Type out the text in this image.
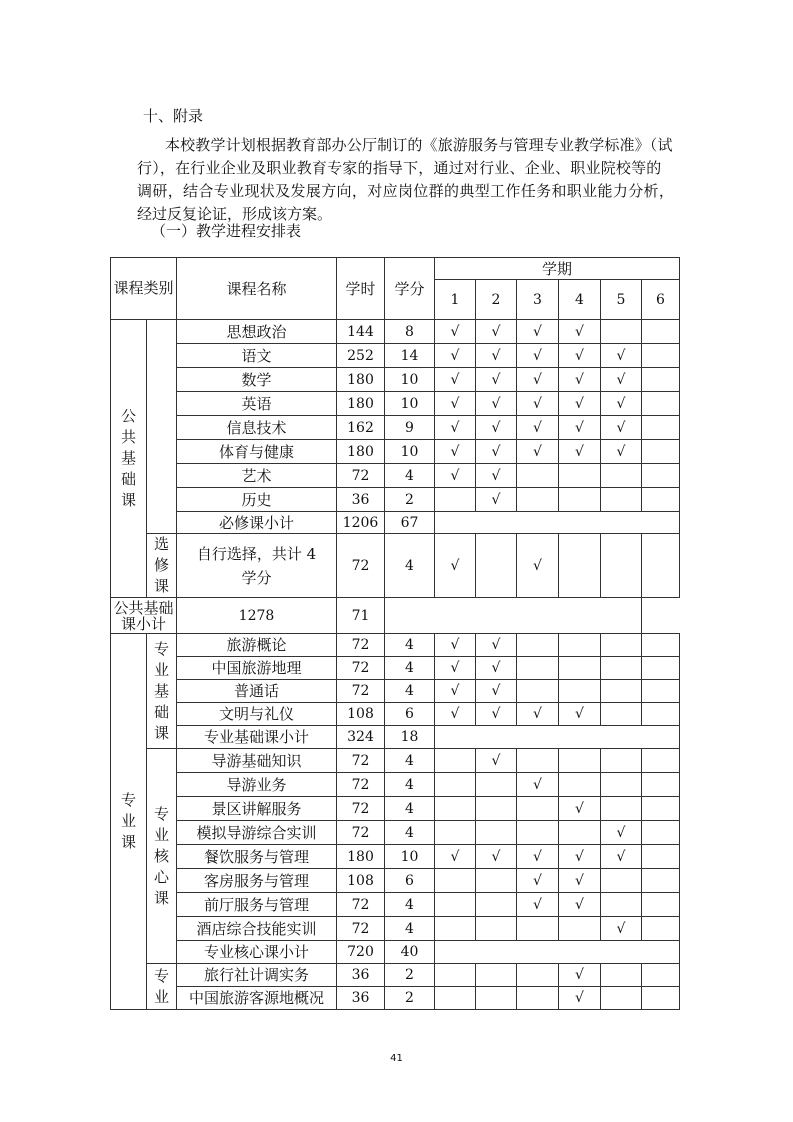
十、附录

本校教学计划根据教育部办公厅制订的《旅游服务与管理专业教学标准》（试

行），在行业企业及职业教育专家的指导下，通过对行业、企业、职业院校等的

调研，结合专业现状及发展方向，对应岗位群的典型工作任务和职业能力分析，

经过反复论证，形成该方案。

（一）教学进程安排表

课程类别		课程名称	学时	学分	学期					
					1	2	3	4	5	6
公
共
基
础
课		思想政治	144	8	√	√	√	√		
		语文	252	14	√	√	√	√	√	
		数学	180	10	√	√	√	√	√	
		英语	180	10	√	√	√	√	√	
		信息技术	162	9	√	√	√	√	√	
		体育与健康	180	10	√	√	√	√	√	
		艺术	72	4	√	√				
		历史	36	2		√				
		必修课小计	1206	67						
	选
修
课	自行选择，共计 4 学分	72	4	√		√			
公共基础课小计		1278	71							
专
业
课	专
业
基
础
课	旅游概论	72	4	√	√				
		中国旅游地理	72	4	√	√				
		普通话	72	4	√	√				
		文明与礼仪	108	6	√	√	√	√		
		专业基础课小计	324	18						
	专
业
核
心
课	导游基础知识	72	4		√				
		导游业务	72	4			√			
		景区讲解服务	72	4				√		
		模拟导游综合实训	72	4					√	
		餐饮服务与管理	180	10	√	√	√	√	√	
		客房服务与管理	108	6			√	√		
		前厅服务与管理	72	4			√	√		
		酒店综合技能实训	72	4					√	
		专业核心课小计	720	40						
	专
业	旅行社计调实务	36	2				√		
		中国旅游客源地概况	36	2				√		
41
